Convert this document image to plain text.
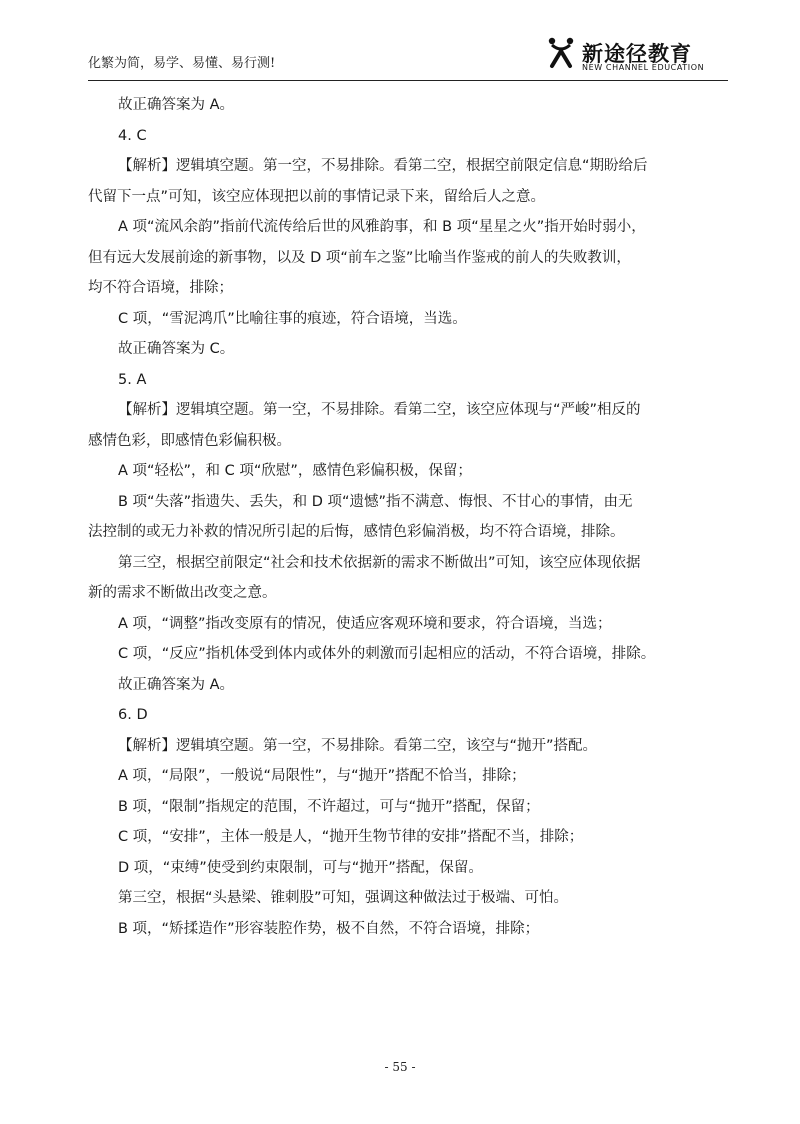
化繁为简，易学、易懂、易行测!	新途径教育
NEW CHANNEL EDUCATION
故正确答案为 A。
4. C
【解析】逻辑填空题。第一空，不易排除。看第二空，根据空前限定信息“期盼给后
代留下一点”可知，该空应体现把以前的事情记录下来，留给后人之意。
A 项“流风余韵”指前代流传给后世的风雅韵事，和 B 项“星星之火”指开始时弱小，
但有远大发展前途的新事物，以及 D 项“前车之鉴”比喻当作鉴戒的前人的失败教训，
均不符合语境，排除；
C 项，“雪泥鸿爪”比喻往事的痕迹，符合语境，当选。
故正确答案为 C。
5. A
【解析】逻辑填空题。第一空，不易排除。看第二空，该空应体现与“严峻”相反的
感情色彩，即感情色彩偏积极。
A 项“轻松”，和 C 项“欣慰”，感情色彩偏积极，保留；
B 项“失落”指遗失、丢失，和 D 项“遗憾”指不满意、悔恨、不甘心的事情，由无
法控制的或无力补救的情况所引起的后悔，感情色彩偏消极，均不符合语境，排除。
第三空，根据空前限定“社会和技术依据新的需求不断做出”可知，该空应体现依据
新的需求不断做出改变之意。
A 项，“调整”指改变原有的情况，使适应客观环境和要求，符合语境，当选；
C 项，“反应”指机体受到体内或体外的刺激而引起相应的活动，不符合语境，排除。
故正确答案为 A。
6. D
【解析】逻辑填空题。第一空，不易排除。看第二空，该空与“抛开”搭配。
A 项，“局限”，一般说“局限性”，与“抛开”搭配不恰当，排除；
B 项，“限制”指规定的范围，不许超过，可与“抛开”搭配，保留；
C 项，“安排”，主体一般是人，“抛开生物节律的安排”搭配不当，排除；
D 项，“束缚”使受到约束限制，可与“抛开”搭配，保留。
第三空，根据“头悬梁、锥刺股”可知，强调这种做法过于极端、可怕。
B 项，“矫揉造作”形容装腔作势，极不自然，不符合语境，排除；
- 55 -
